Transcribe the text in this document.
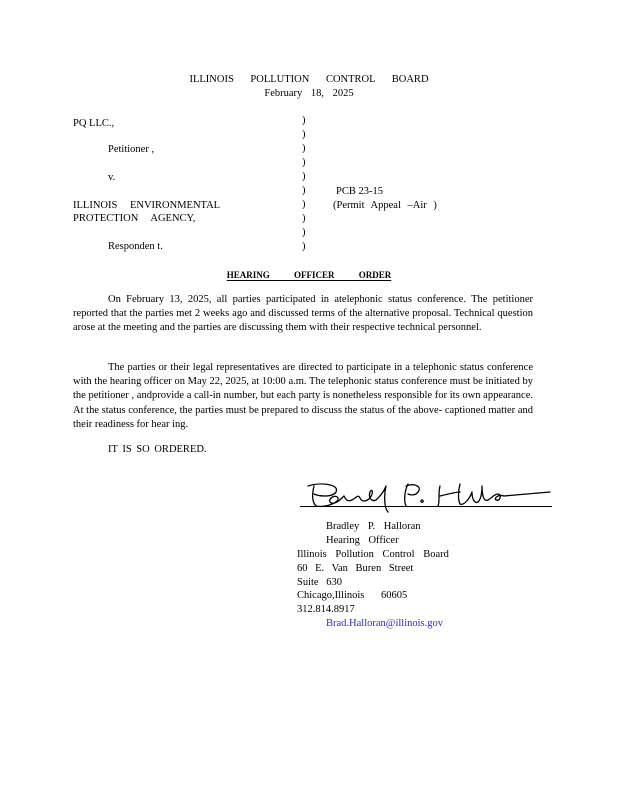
ILLINOIS POLLUTION CONTROL BOARD
February 18, 2025
PQ LLC.,
Petitioner ,
v.
ILLINOIS ENVIRONMENTAL
PROTECTION AGENCY,
Responden t.
)
)
)
)
)
)
)
)
)
)
PCB 23-15
(Permit Appeal –Air )
HEARING OFFICER ORDER
On February 13, 2025, all parties participated in atelephonic status conference. The petitioner reported that the parties met 2 weeks ago and discussed terms of the alternative proposal. Technical question arose at the meeting and the parties are discussing them with their respective technical personnel.
The parties or their legal representatives are directed to participate in a telephonic status conference with the hearing officer on May 22, 2025, at 10:00 a.m. The telephonic status conference must be initiated by the petitioner , andprovide a call-in number, but each party is nonetheless responsible for its own appearance. At the status conference, the parties must be prepared to discuss the status of the above- captioned matter and their readiness for hear ing.
IT IS SO ORDERED.
Bradley P. Halloran
Hearing Officer
Illinois Pollution Control Board
60 E. Van Buren Street
Suite 630
Chicago,Illinois 60605
312.814.8917
Brad.Halloran@illinois.gov
